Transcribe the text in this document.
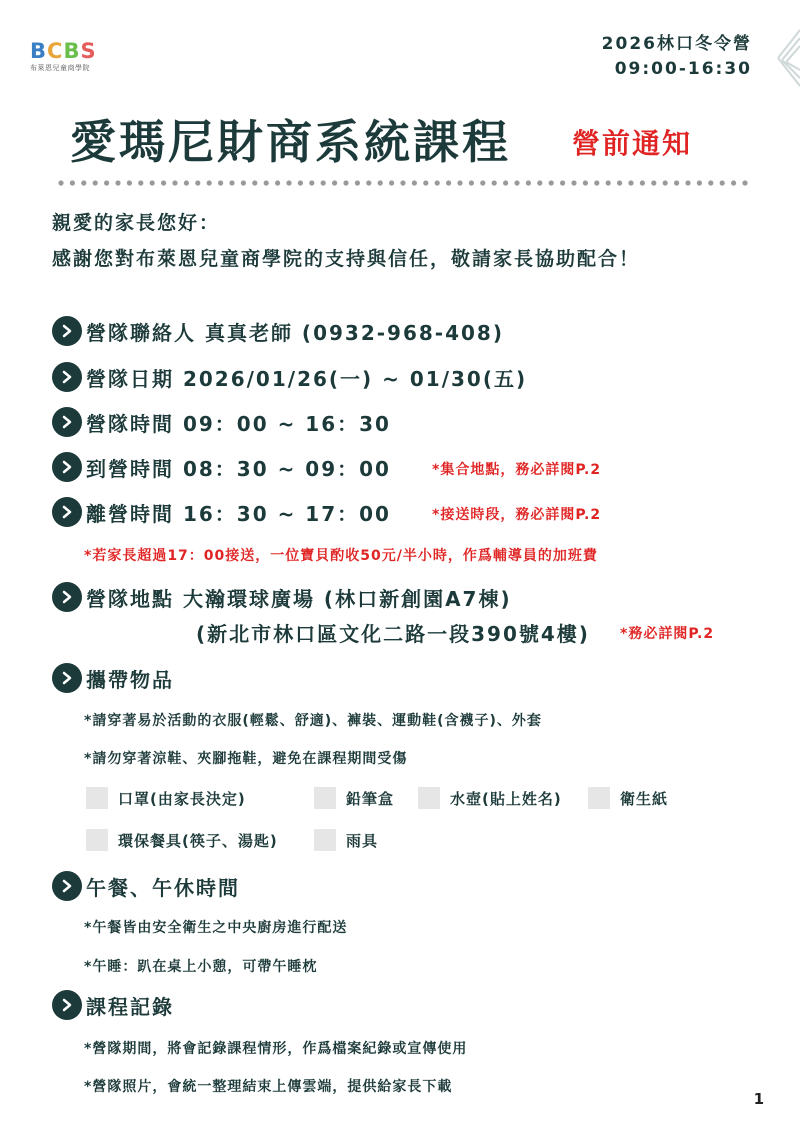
B C B S
布萊恩兒童商學院
2026林口冬令營
09:00-16:30
愛瑪尼財商系統課程 營前通知
親愛的家長您好：
感謝您對布萊恩兒童商學院的支持與信任，敬請家長協助配合！
營隊聯絡人 真真老師 (0932-968-408)
營隊日期 2026/01/26(一) ~ 01/30(五)
營隊時間 09：00 ~ 16：30
到營時間 08：30 ~ 09：00	*集合地點，務必詳閱P.2
離營時間 16：30 ~ 17：00	*接送時段，務必詳閱P.2
*若家長超過17：00接送，一位寶貝酌收50元/半小時，作爲輔導員的加班費
營隊地點 大瀚環球廣場 (林口新創園A7棟)
(新北市林口區文化二路一段390號4樓) *務必詳閱P.2
攜帶物品
*請穿著易於活動的衣服(輕鬆、舒適)、褲裝、運動鞋(含襪子)、外套
*請勿穿著涼鞋、夾腳拖鞋，避免在課程期間受傷
口罩(由家長決定)	鉛筆盒	水壺(貼上姓名)	衛生紙
環保餐具(筷子、湯匙)	雨具
午餐、午休時間
*午餐皆由安全衛生之中央廚房進行配送
*午睡：趴在桌上小憩，可帶午睡枕
課程記錄
*營隊期間，將會記錄課程情形，作爲檔案紀錄或宣傳使用
*營隊照片，會統一整理結束上傳雲端，提供給家長下載
1
